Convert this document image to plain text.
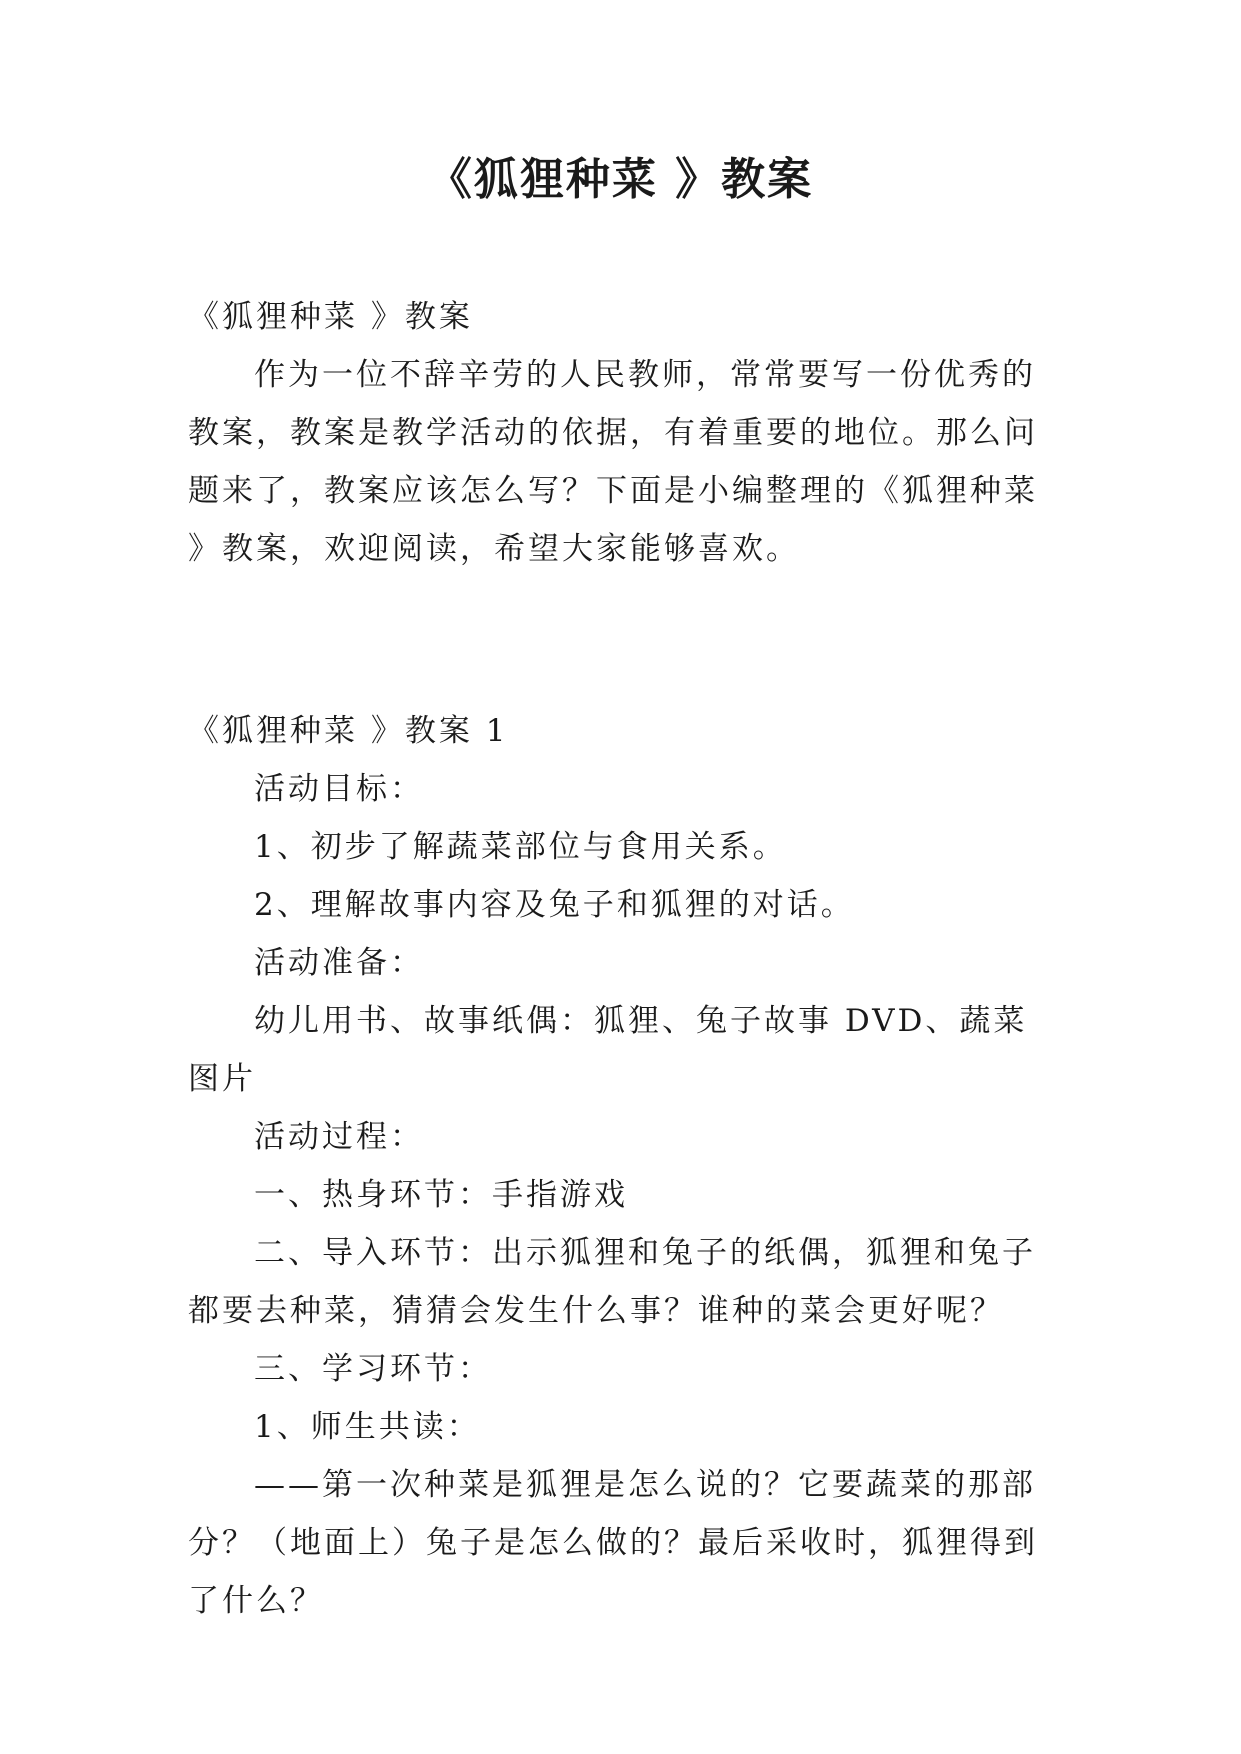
《狐狸种菜 》教案

《狐狸种菜 》教案

作为一位不辞辛劳的人民教师，常常要写一份优秀的教案，教案是教学活动的依据，有着重要的地位。那么问题来了，教案应该怎么写？下面是小编整理的《狐狸种菜 》教案，欢迎阅读，希望大家能够喜欢。

《狐狸种菜 》教案 1

活动目标：

1、初步了解蔬菜部位与食用关系。

2、理解故事内容及兔子和狐狸的对话。

活动准备：

幼儿用书、故事纸偶：狐狸、兔子故事 DVD、蔬菜图片

活动过程：

一、热身环节：手指游戏

二、导入环节：出示狐狸和兔子的纸偶，狐狸和兔子都要去种菜，猜猜会发生什么事？谁种的菜会更好呢？

三、学习环节：

1、师生共读：

——第一次种菜是狐狸是怎么说的？它要蔬菜的那部分？（地面上）兔子是怎么做的？最后采收时，狐狸得到了什么？
